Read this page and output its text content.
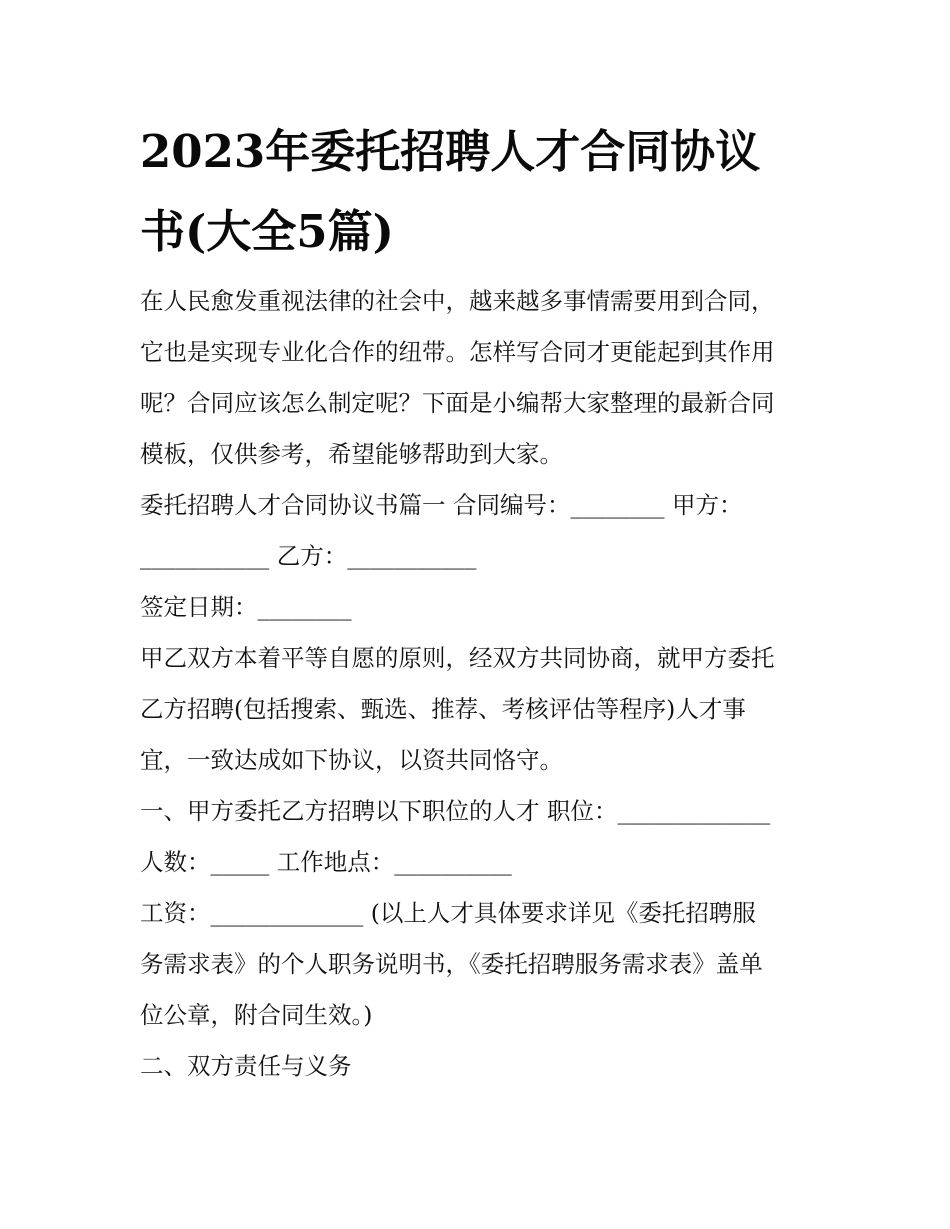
2023年委托招聘人才合同协议
书(大全5篇)
在人民愈发重视法律的社会中，越来越多事情需要用到合同，
它也是实现专业化合作的纽带。怎样写合同才更能起到其作用
呢？合同应该怎么制定呢？下面是小编帮大家整理的最新合同
模板，仅供参考，希望能够帮助到大家。
委托招聘人才合同协议书篇一 合同编号：________ 甲方：
___________ 乙方：___________
签定日期：________
甲乙双方本着平等自愿的原则，经双方共同协商，就甲方委托
乙方招聘(包括搜索、甄选、推荐、考核评估等程序)人才事
宜，一致达成如下协议，以资共同恪守。
一、甲方委托乙方招聘以下职位的人才 职位：_____________
人数：_____ 工作地点：__________
工资：_____________ (以上人才具体要求详见《委托招聘服
务需求表》的个人职务说明书，《委托招聘服务需求表》盖单
位公章，附合同生效。)
二、双方责任与义务
